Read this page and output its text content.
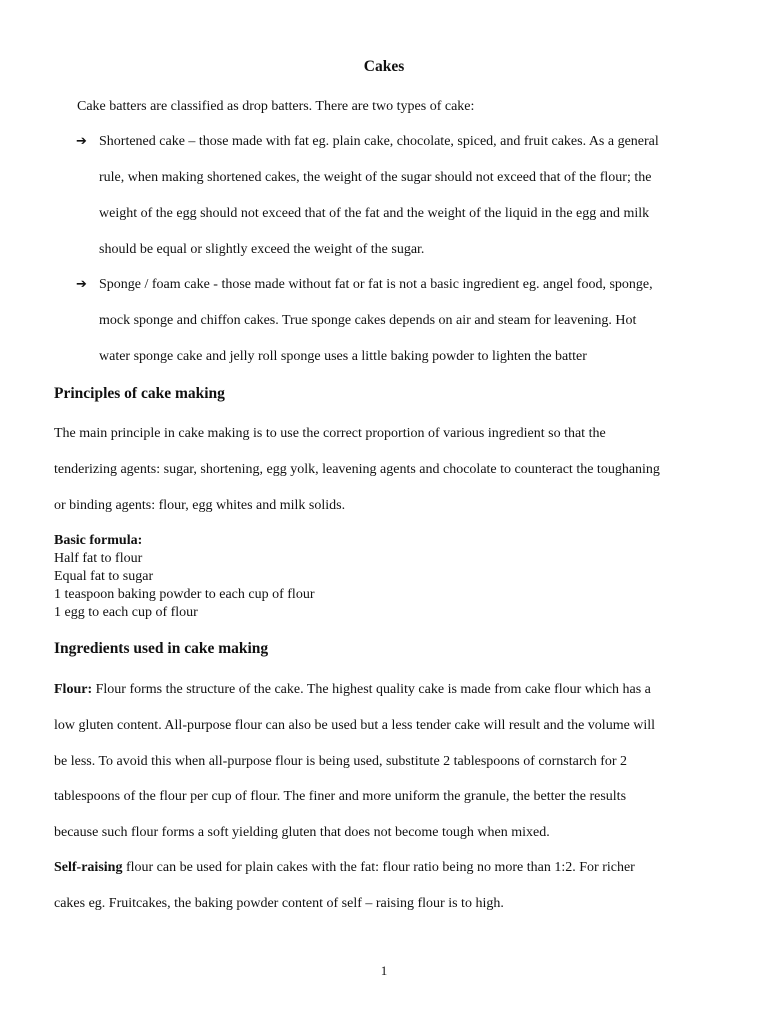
Cakes
Cake batters are classified as drop batters. There are two types of cake:
➔ Shortened cake – those made with fat eg. plain cake, chocolate, spiced, and fruit cakes. As a general
rule, when making shortened cakes, the weight of the sugar should not exceed that of the flour; the
weight of the egg should not exceed that of the fat and the weight of the liquid in the egg and milk
should be equal or slightly exceed the weight of the sugar.
➔ Sponge / foam cake - those made without fat or fat is not a basic ingredient eg. angel food, sponge,
mock sponge and chiffon cakes. True sponge cakes depends on air and steam for leavening. Hot
water sponge cake and jelly roll sponge uses a little baking powder to lighten the batter
Principles of cake making
The main principle in cake making is to use the correct proportion of various ingredient so that the
tenderizing agents: sugar, shortening, egg yolk, leavening agents and chocolate to counteract the toughaning
or binding agents: flour, egg whites and milk solids.
Basic formula:
Half fat to flour
Equal fat to sugar
1 teaspoon baking powder to each cup of flour
1 egg to each cup of flour
Ingredients used in cake making
Flour: Flour forms the structure of the cake. The highest quality cake is made from cake flour which has a
low gluten content. All-purpose flour can also be used but a less tender cake will result and the volume will
be less. To avoid this when all-purpose flour is being used, substitute 2 tablespoons of cornstarch for 2
tablespoons of the flour per cup of flour. The finer and more uniform the granule, the better the results
because such flour forms a soft yielding gluten that does not become tough when mixed.
Self-raising flour can be used for plain cakes with the fat: flour ratio being no more than 1:2. For richer
cakes eg. Fruitcakes, the baking powder content of self – raising flour is to high.
1
